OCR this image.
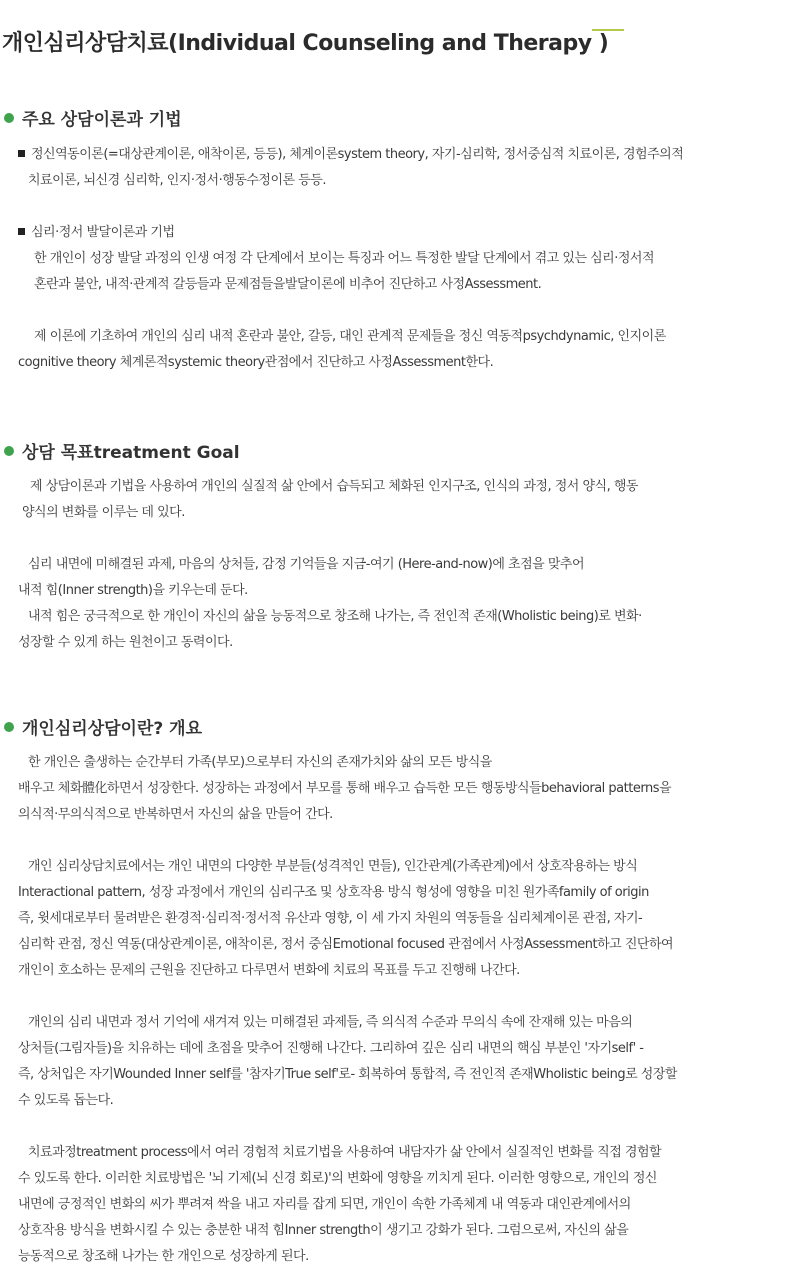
개인심리상담치료(Individual Counseling and Therapy )
주요 상담이론과 기법
정신역동이론(=대상관계이론, 애착이론, 등등), 체계이론system theory, 자기-심리학, 정서중심적 치료이론, 경험주의적
치료이론, 뇌신경 심리학, 인지·정서·행동수정이론 등등.
심리·정서 발달이론과 기법
한 개인이 성장 발달 과정의 인생 여정 각 단계에서 보이는 특징과 어느 특정한 발달 단계에서 겪고 있는 심리·정서적
혼란과 불안, 내적·관계적 갈등들과 문제점들을발달이론에 비추어 진단하고 사정Assessment.
제 이론에 기초하여 개인의 심리 내적 혼란과 불안, 갈등, 대인 관계적 문제들을 정신 역동적psychdynamic, 인지이론
cognitive theory 체계론적systemic theory관점에서 진단하고 사정Assessment한다.
상담 목표treatment Goal
제 상담이론과 기법을 사용하여 개인의 실질적 삶 안에서 습득되고 체화된 인지구조, 인식의 과정, 정서 양식, 행동
양식의 변화를 이루는 데 있다.
심리 내면에 미해결된 과제, 마음의 상처들, 감정 기억들을 지금-여기 (Here-and-now)에 초점을 맞추어
내적 힘(Inner strength)을 키우는데 둔다.
내적 힘은 궁극적으로 한 개인이 자신의 삶을 능동적으로 창조해 나가는, 즉 전인적 존재(Wholistic being)로 변화·
성장할 수 있게 하는 원천이고 동력이다.
개인심리상담이란? 개요
한 개인은 출생하는 순간부터 가족(부모)으로부터 자신의 존재가치와 삶의 모든 방식을
배우고 체화體化하면서 성장한다. 성장하는 과정에서 부모를 통해 배우고 습득한 모든 행동방식들behavioral patterns을
의식적·무의식적으로 반복하면서 자신의 삶을 만들어 간다.
개인 심리상담치료에서는 개인 내면의 다양한 부분들(성격적인 면들), 인간관계(가족관계)에서 상호작용하는 방식
Interactional pattern, 성장 과정에서 개인의 심리구조 및 상호작용 방식 형성에 영향을 미친 원가족family of origin
즉, 윗세대로부터 물려받은 환경적·심리적·정서적 유산과 영향, 이 세 가지 차원의 역동들을 심리체계이론 관점, 자기-
심리학 관점, 정신 역동(대상관계이론, 애착이론, 정서 중심Emotional focused 관점에서 사정Assessment하고 진단하여
개인이 호소하는 문제의 근원을 진단하고 다루면서 변화에 치료의 목표를 두고 진행해 나간다.
개인의 심리 내면과 정서 기억에 새겨져 있는 미해결된 과제들, 즉 의식적 수준과 무의식 속에 잔재해 있는 마음의
상처들(그림자들)을 치유하는 데에 초점을 맞추어 진행해 나간다. 그리하여 깊은 심리 내면의 핵심 부분인 '자기self' -
즉, 상처입은 자기Wounded Inner self를 '참자기True self'로- 회복하여 통합적, 즉 전인적 존재Wholistic being로 성장할
수 있도록 돕는다.
치료과정treatment process에서 여러 경험적 치료기법을 사용하여 내담자가 삶 안에서 실질적인 변화를 직접 경험할
수 있도록 한다. 이러한 치료방법은 '뇌 기제(뇌 신경 회로)'의 변화에 영향을 끼치게 된다. 이러한 영향으로, 개인의 정신
내면에 긍정적인 변화의 씨가 뿌려져 싹을 내고 자리를 잡게 되면, 개인이 속한 가족체계 내 역동과 대인관계에서의
상호작용 방식을 변화시킬 수 있는 충분한 내적 힘Inner strength이 생기고 강화가 된다. 그럼으로써, 자신의 삶을
능동적으로 창조해 나가는 한 개인으로 성장하게 된다.
